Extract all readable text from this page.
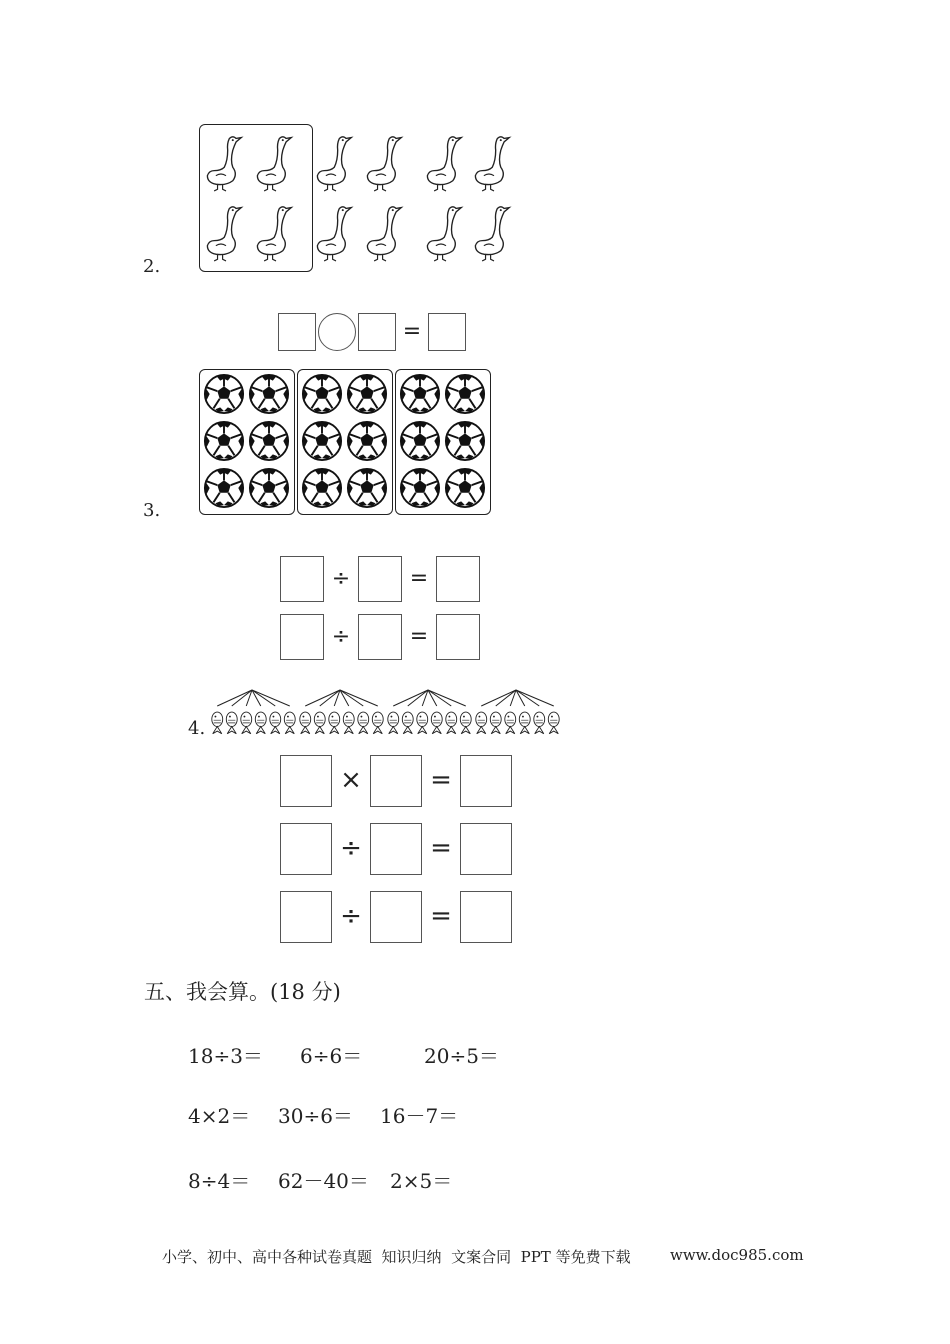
2.
=
3.
÷	=
÷	=
4.
×	=
÷	=
÷	=
五、我会算。(18 分)
18÷3＝ 6÷6＝	20÷5＝
4×2＝ 30÷6＝ 16－7＝
8÷4＝ 62－40＝ 2×5＝
小学、初中、高中各种试卷真题  知识归纳  文案合同  PPT 等免费下载	www.doc985.com
